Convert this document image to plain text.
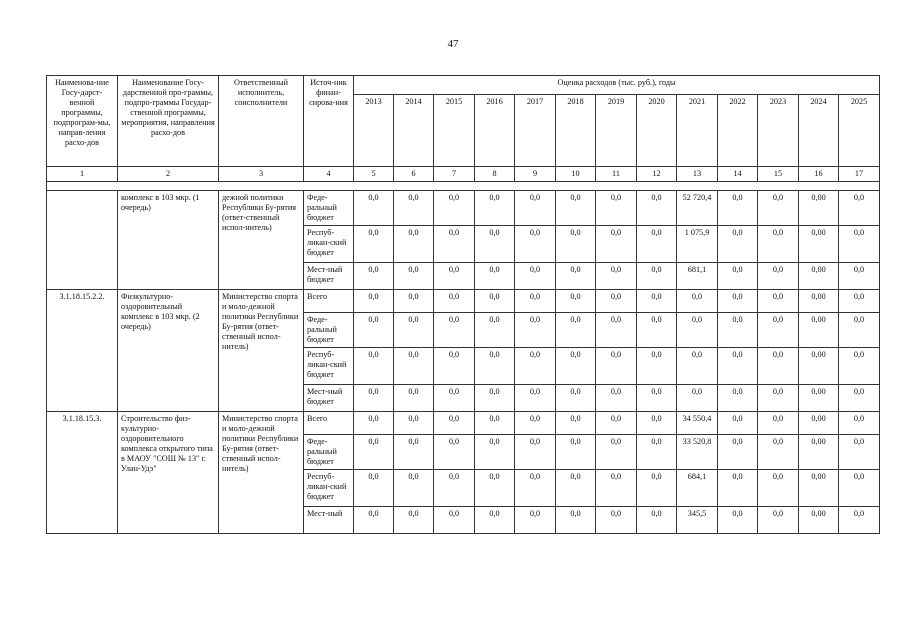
47
Наименова-ние Госу-дарст-венной программы, подпрограм-мы, направ-ления расхо-дов	Наименование Госу-дарственной про-граммы, подпро-граммы Государ-ственной программы, мероприятия, направления расхо-дов	Ответственный исполнитель, соисполнители	Источ-ник финан-сирова-ния	Оценка расходов (тыс. руб.), годы												
				2013	2014	2015	2016	2017	2018	2019	2020	2021	2022	2023	2024	2025
1	2	3	4	5	6	7	8	9	10	11	12	13	14	15	16	17

	комплекс в 103 мкр. (1 очередь)	дежной политики Республики Бу-рятия (ответ-ственный испол-нитель)	Феде-ральный бюджет	0,0	0,0	0,0	0,0	0,0	0,0	0,0	0,0	52 720,4	0,0	0,0	0,00	0,0
			Респуб-ликан-ский бюджет	0,0	0,0	0,0	0,0	0,0	0,0	0,0	0,0	1 075,9	0,0	0,0	0,00	0,0
			Мест-ный бюджет	0,0	0,0	0,0	0,0	0,0	0,0	0,0	0,0	681,1	0,0	0,0	0,00	0,0
3.1.18.15.2.2.	Физкультурно-оздоровительный комплекс в 103 мкр. (2 очередь)	Министерство спорта и моло-дежной политики Республики Бу-рятия (ответ-ственный испол-нитель)	Всего	0,0	0,0	0,0	0,0	0,0	0,0	0,0	0,0	0,0	0,0	0,0	0,00	0,0
			Феде-ральный бюджет	0,0	0,0	0,0	0,0	0,0	0,0	0,0	0,0	0,0	0,0	0,0	0,00	0,0
			Респуб-ликан-ский бюджет	0,0	0,0	0,0	0,0	0,0	0,0	0,0	0,0	0,0	0,0	0,0	0,00	0,0
			Мест-ный бюджет	0,0	0,0	0,0	0,0	0,0	0,0	0,0	0,0	0,0	0,0	0,0	0,00	0,0
3.1.18.15.3.	Строительство физ-культурно-оздоровительного комплекса открытого типа в МАОУ "СОШ № 13" г. Улан-Удэ"	Министерство спорта и моло-дежной политики Республики Бу-рятия (ответ-ственный испол-нитель)	Всего	0,0	0,0	0,0	0,0	0,0	0,0	0,0	0,0	34 550,4	0,0	0,0	0,00	0,0
			Феде-ральный бюджет	0,0	0,0	0,0	0,0	0,0	0,0	0,0	0,0	33 520,8	0,0	0,0	0,00	0,0
			Респуб-ликан-ский бюджет	0,0	0,0	0,0	0,0	0,0	0,0	0,0	0,0	684,1	0,0	0,0	0,00	0,0
			Мест-ный	0,0	0,0	0,0	0,0	0,0	0,0	0,0	0,0	345,5	0,0	0,0	0,00	0,0
